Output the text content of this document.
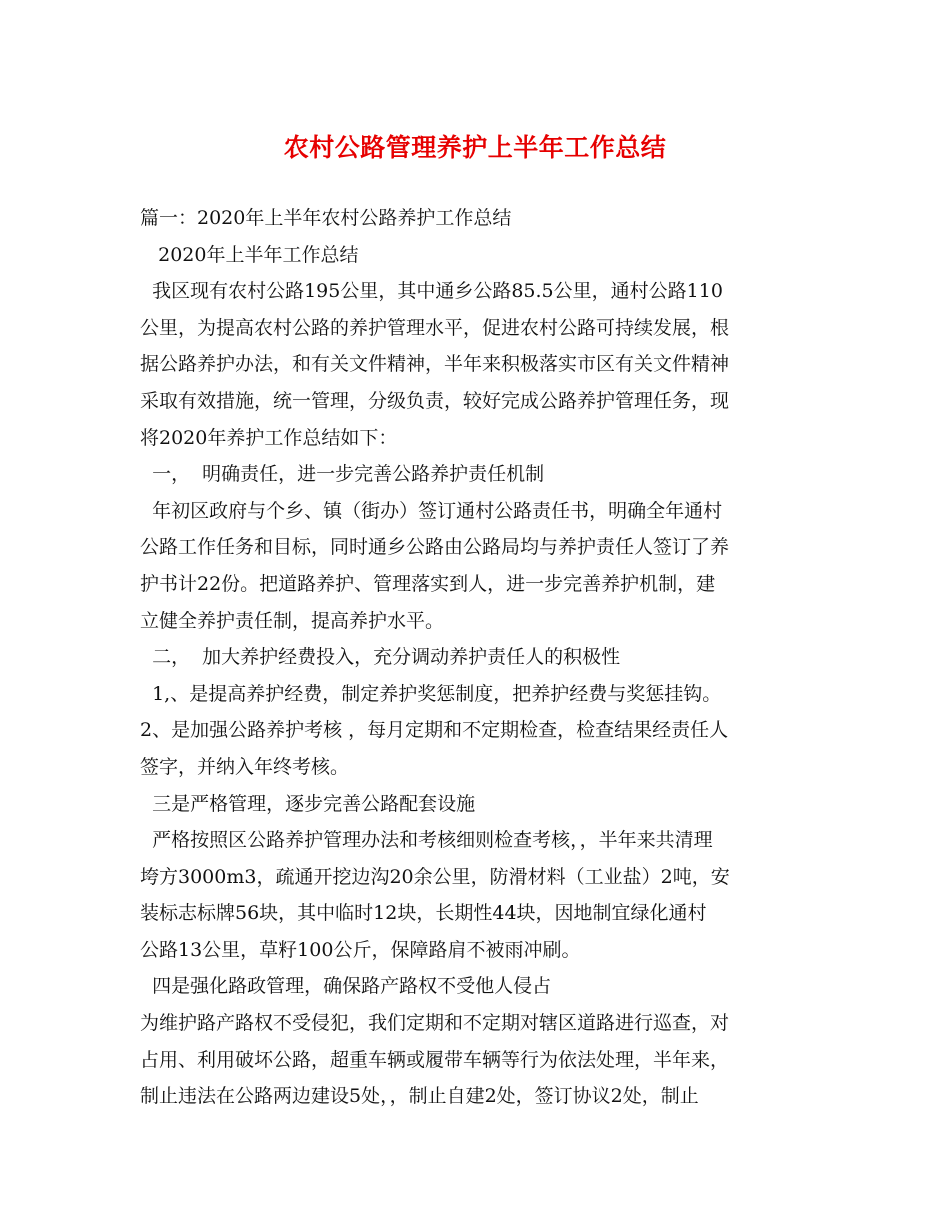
农村公路管理养护上半年工作总结
篇一：2020年上半年农村公路养护工作总结
2020年上半年工作总结
我区现有农村公路195公里，其中通乡公路85.5公里，通村公路110
公里，为提高农村公路的养护管理水平，促进农村公路可持续发展，根
据公路养护办法，和有关文件精神，半年来积极落实市区有关文件精神
采取有效措施，统一管理，分级负责，较好完成公路养护管理任务，现
将2020年养护工作总结如下：
一，  明确责任，进一步完善公路养护责任机制
年初区政府与个乡、镇（街办）签订通村公路责任书，明确全年通村
公路工作任务和目标，同时通乡公路由公路局均与养护责任人签订了养
护书计22份。把道路养护、管理落实到人，进一步完善养护机制，建
立健全养护责任制，提高养护水平。
二，  加大养护经费投入，充分调动养护责任人的积极性
1,、是提高养护经费，制定养护奖惩制度，把养护经费与奖惩挂钩。
2、是加强公路养护考核 ，每月定期和不定期检查，检查结果经责任人
签字，并纳入年终考核。
三是严格管理，逐步完善公路配套设施
严格按照区公路养护管理办法和考核细则检查考核，，半年来共清理
垮方3000m3，疏通开挖边沟20余公里，防滑材料（工业盐）2吨，安
装标志标牌56块，其中临时12块，长期性44块，因地制宜绿化通村
公路13公里，草籽100公斤，保障路肩不被雨冲刷。
四是强化路政管理，确保路产路权不受他人侵占
为维护路产路权不受侵犯，我们定期和不定期对辖区道路进行巡查，对
占用、利用破坏公路，超重车辆或履带车辆等行为依法处理，半年来，
制止违法在公路两边建设5处，，制止自建2处，签订协议2处，制止
